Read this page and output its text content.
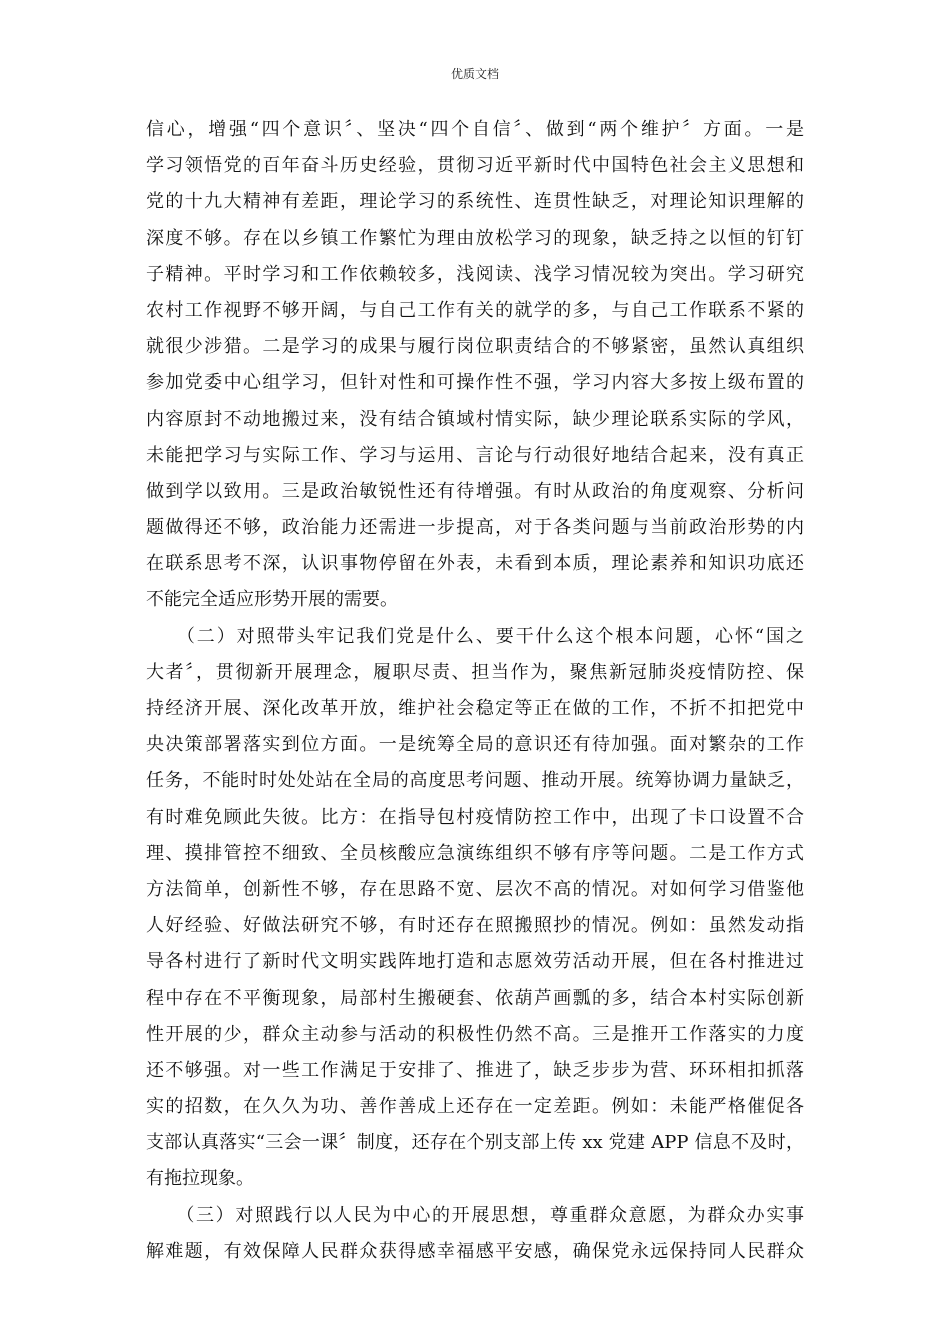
优质文档
信心，增强“四个意识〞、坚决“四个自信〞、做到“两个维护〞方面。一是
学习领悟党的百年奋斗历史经验，贯彻习近平新时代中国特色社会主义思想和
党的十九大精神有差距，理论学习的系统性、连贯性缺乏，对理论知识理解的
深度不够。存在以乡镇工作繁忙为理由放松学习的现象，缺乏持之以恒的钉钉
子精神。平时学习和工作依赖较多，浅阅读、浅学习情况较为突出。学习研究
农村工作视野不够开阔，与自己工作有关的就学的多，与自己工作联系不紧的
就很少涉猎。二是学习的成果与履行岗位职责结合的不够紧密，虽然认真组织
参加党委中心组学习，但针对性和可操作性不强，学习内容大多按上级布置的
内容原封不动地搬过来，没有结合镇域村情实际，缺少理论联系实际的学风，
未能把学习与实际工作、学习与运用、言论与行动很好地结合起来，没有真正
做到学以致用。三是政治敏锐性还有待增强。有时从政治的角度观察、分析问
题做得还不够，政治能力还需进一步提高，对于各类问题与当前政治形势的内
在联系思考不深，认识事物停留在外表，未看到本质，理论素养和知识功底还
不能完全适应形势开展的需要。
　　（二）对照带头牢记我们党是什么、要干什么这个根本问题，心怀“国之
大者〞，贯彻新开展理念，履职尽责、担当作为，聚焦新冠肺炎疫情防控、保
持经济开展、深化改革开放，维护社会稳定等正在做的工作，不折不扣把党中
央决策部署落实到位方面。一是统筹全局的意识还有待加强。面对繁杂的工作
任务，不能时时处处站在全局的高度思考问题、推动开展。统筹协调力量缺乏，
有时难免顾此失彼。比方：在指导包村疫情防控工作中，出现了卡口设置不合
理、摸排管控不细致、全员核酸应急演练组织不够有序等问题。二是工作方式
方法简单，创新性不够，存在思路不宽、层次不高的情况。对如何学习借鉴他
人好经验、好做法研究不够，有时还存在照搬照抄的情况。例如：虽然发动指
导各村进行了新时代文明实践阵地打造和志愿效劳活动开展，但在各村推进过
程中存在不平衡现象，局部村生搬硬套、依葫芦画瓢的多，结合本村实际创新
性开展的少，群众主动参与活动的积极性仍然不高。三是推开工作落实的力度
还不够强。对一些工作满足于安排了、推进了，缺乏步步为营、环环相扣抓落
实的招数，在久久为功、善作善成上还存在一定差距。例如：未能严格催促各
支部认真落实“三会一课〞制度，还存在个别支部上传 xx 党建 APP 信息不及时，
有拖拉现象。
　　（三）对照践行以人民为中心的开展思想，尊重群众意愿，为群众办实事
解难题，有效保障人民群众获得感幸福感平安感，确保党永远保持同人民群众
